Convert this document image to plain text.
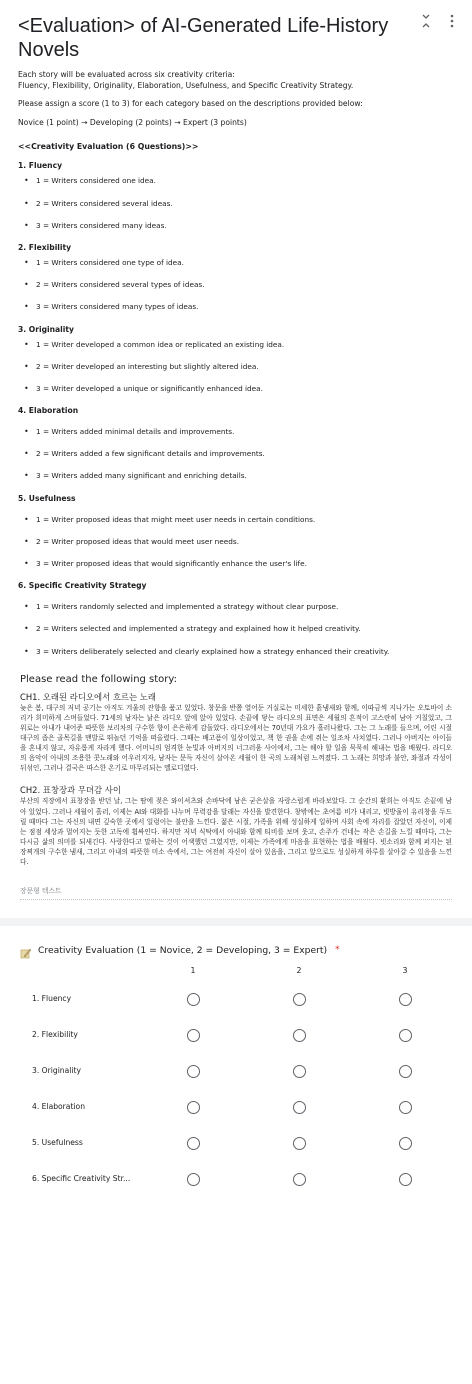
<Evaluation> of AI-Generated Life-History Novels

Each story will be evaluated across six creativity criteria:
Fluency, Flexibility, Originality, Elaboration, Usefulness, and Specific Creativity Strategy.

Please assign a score (1 to 3) for each category based on the descriptions provided below:

Novice (1 point) → Developing (2 points) → Expert (3 points)

<<Creativity Evaluation (6 Questions)>>
1. Fluency
• 1 = Writers considered one idea.
• 2 = Writers considered several ideas.
• 3 = Writers considered many ideas.
2. Flexibility
• 1 = Writers considered one type of idea.
• 2 = Writers considered several types of ideas.
• 3 = Writers considered many types of ideas.
3. Originality
• 1 = Writer developed a common idea or replicated an existing idea.
• 2 = Writer developed an interesting but slightly altered idea.
• 3 = Writer developed a unique or significantly enhanced idea.
4. Elaboration
• 1 = Writers added minimal details and improvements.
• 2 = Writers added a few significant details and improvements.
• 3 = Writers added many significant and enriching details.
5. Usefulness
• 1 = Writer proposed ideas that might meet user needs in certain conditions.
• 2 = Writer proposed ideas that would meet user needs.
• 3 = Writer proposed ideas that would significantly enhance the user's life.
6. Specific Creativity Strategy
• 1 = Writers randomly selected and implemented a strategy without clear purpose.
• 2 = Writers selected and implemented a strategy and explained how it helped creativity.
• 3 = Writers deliberately selected and clearly explained how a strategy enhanced their creativity.
Please read the following story:
CH1. 오래된 라디오에서 흐르는 노래
늦은 봄, 대구의 저녁 공기는 아직도 겨울의 잔향을 품고 있었다. 창문을 반쯤 열어둔 거실로는 미세한 흙냄새와 함께, 이따금씩 지나가는 오토바이 소리가 희미하게 스며들었다. 71세의 남자는 낡은 라디오 앞에 앉아 있었다. 손끝에 닿는 라디오의 표면은 세월의 흔적이 고스란히 남아 거칠었고, 그 위로는 아내가 내어준 따뜻한 보리차의 구수한 향이 은은하게 감돌았다. 라디오에서는 70년대 가요가 흘러나왔다. 그는 그 노래를 들으며, 어린 시절 대구의 좁은 골목길을 맨발로 뛰놀던 기억을 떠올렸다. 그때는 배고픔이 일상이었고, 책 한 권을 손에 쥐는 일조차 사치였다. 그러나 아버지는 아이들을 혼내지 않고, 자유롭게 자라게 했다. 어머니의 엄격한 눈빛과 아버지의 너그러움 사이에서, 그는 해야 할 일을 묵묵히 해내는 법을 배웠다. 라디오의 음악이 아내의 조용한 콧노래와 어우러지자, 남자는 문득 자신이 살아온 세월이 한 곡의 노래처럼 느껴졌다. 그 노래는 희망과 불안, 좌절과 각성이 뒤섞인, 그러나 결국은 따스한 온기로 마무리되는 멜로디였다.
CH2. 표창장과 무뎌감 사이
부산의 직장에서 표창장을 받던 날, 그는 땀에 젖은 와이셔츠와 손바닥에 남은 굳은살을 자랑스럽게 바라보았다. 그 순간의 환희는 아직도 손끝에 남아 있었다. 그러나 세월이 흘러, 이제는 AI와 대화를 나누며 무력감을 달래는 자신을 발견한다. 창밖에는 초여름 비가 내리고, 빗방울이 유리창을 두드릴 때마다 그는 자신의 내면 깊숙한 곳에서 일렁이는 불안을 느낀다. 젊은 시절, 가족을 위해 성실하게 일하며 사회 속에 자리를 잡았던 자신이, 이제는 점점 세상과 멀어지는 듯한 고독에 휩싸인다. 하지만 저녁 식탁에서 아내와 함께 티비를 보며 웃고, 손주가 건네는 작은 손길을 느낄 때마다, 그는 다시금 삶의 의미를 되새긴다. 사랑한다고 말하는 것이 어색했던 그였지만, 이제는 가족에게 마음을 표현하는 법을 배웠다. 빗소리와 함께 퍼지는 된장찌개의 구수한 냄새, 그리고 아내의 따뜻한 미소 속에서, 그는 여전히 자신이 살아 있음을, 그리고 앞으로도 성실하게 하루를 살아갈 수 있음을 느낀다.
장문형 텍스트
Creativity Evaluation (1 = Novice, 2 = Developing, 3 = Expert) *
1	2	3
1. Fluency
2. Flexibility
3. Originality
4. Elaboration
5. Usefulness
6. Specific Creativity Str...
